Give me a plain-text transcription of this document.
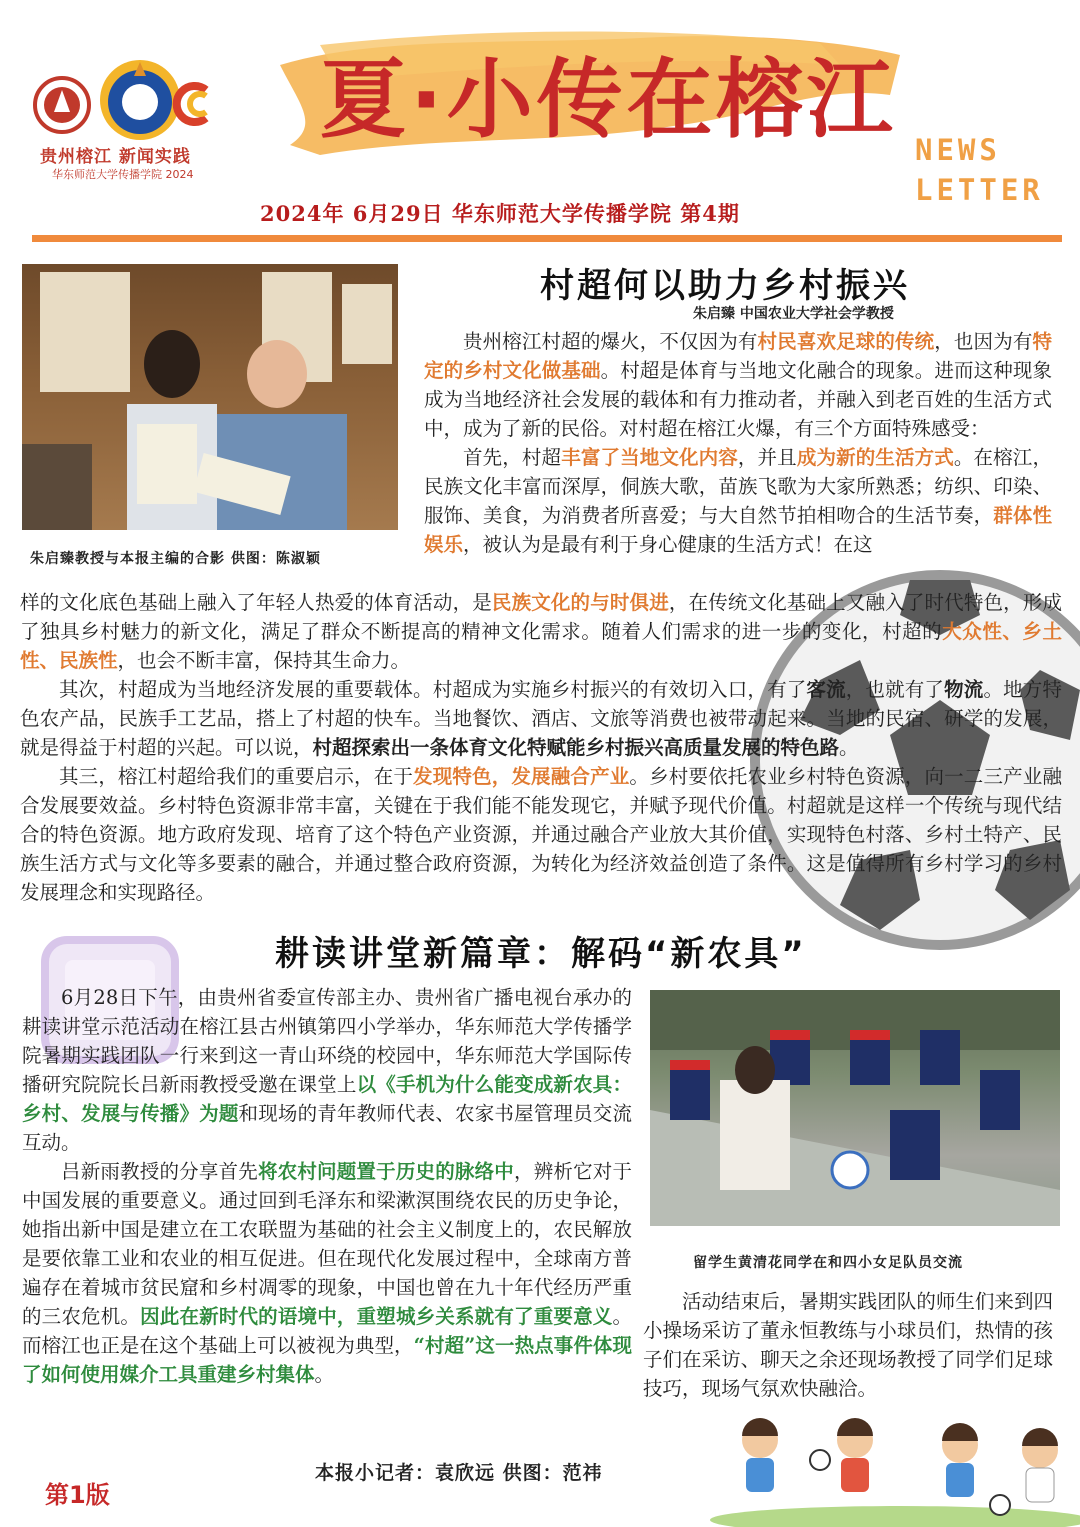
贵州榕江 新闻实践
华东师范大学传播学院 2024
夏·小传在榕江 NEWS
LETTER
2024年 6月29日 华东师范大学传播学院 第4期
朱启臻教授与本报主编的合影 供图：陈淑颖
村超何以助力乡村振兴
朱启臻 中国农业大学社会学教授

贵州榕江村超的爆火，不仅因为有村民喜欢足球的传统，也因为有特定的乡村文化做基础。村超是体育与当地文化融合的现象。进而这种现象成为当地经济社会发展的载体和有力推动者，并融入到老百姓的生活方式中，成为了新的民俗。对村超在榕江火爆，有三个方面特殊感受：

首先，村超丰富了当地文化内容，并且成为新的生活方式。在榕江，民族文化丰富而深厚，侗族大歌，苗族飞歌为大家所熟悉；纺织、印染、服饰、美食，为消费者所喜爱；与大自然节拍相吻合的生活节奏，群体性娱乐，被认为是最有利于身心健康的生活方式！在这

样的文化底色基础上融入了年轻人热爱的体育活动，是民族文化的与时俱进，在传统文化基础上又融入了时代特色，形成了独具乡村魅力的新文化，满足了群众不断提高的精神文化需求。随着人们需求的进一步的变化，村超的大众性、乡土性、民族性，也会不断丰富，保持其生命力。

其次，村超成为当地经济发展的重要载体。村超成为实施乡村振兴的有效切入口，有了客流，也就有了物流。地方特色农产品，民族手工艺品，搭上了村超的快车。当地餐饮、酒店、文旅等消费也被带动起来。当地的民宿、研学的发展，就是得益于村超的兴起。可以说，村超探索出一条体育文化特赋能乡村振兴高质量发展的特色路。

其三，榕江村超给我们的重要启示，在于发现特色，发展融合产业。乡村要依托农业乡村特色资源，向一二三产业融合发展要效益。乡村特色资源非常丰富，关键在于我们能不能发现它，并赋予现代价值。村超就是这样一个传统与现代结合的特色资源。地方政府发现、培育了这个特色产业资源，并通过融合产业放大其价值，实现特色村落、乡村土特产、民族生活方式与文化等多要素的融合，并通过整合政府资源，为转化为经济效益创造了条件。这是值得所有乡村学习的乡村发展理念和实现路径。

耕读讲堂新篇章：解码“新农具”

6月28日下午，由贵州省委宣传部主办、贵州省广播电视台承办的耕读讲堂示范活动在榕江县古州镇第四小学举办，华东师范大学传播学院暑期实践团队一行来到这一青山环绕的校园中，华东师范大学国际传播研究院院长吕新雨教授受邀在课堂上以《手机为什么能变成新农具：乡村、发展与传播》为题和现场的青年教师代表、农家书屋管理员交流互动。

吕新雨教授的分享首先将农村问题置于历史的脉络中，辨析它对于中国发展的重要意义。通过回到毛泽东和梁漱溟围绕农民的历史争论，她指出新中国是建立在工农联盟为基础的社会主义制度上的，农民解放是要依靠工业和农业的相互促进。但在现代化发展过程中，全球南方普遍存在着城市贫民窟和乡村凋零的现象，中国也曾在九十年代经历严重的三农危机。因此在新时代的语境中，重塑城乡关系就有了重要意义。而榕江也正是在这个基础上可以被视为典型，“村超”这一热点事件体现了如何使用媒介工具重建乡村集体。

留学生黄清花同学在和四小女足队员交流

活动结束后，暑期实践团队的师生们来到四小操场采访了董永恒教练与小球员们，热情的孩子们在采访、聊天之余还现场教授了同学们足球技巧，现场气氛欢快融洽。

本报小记者：袁欣远 供图：范祎
第1版
